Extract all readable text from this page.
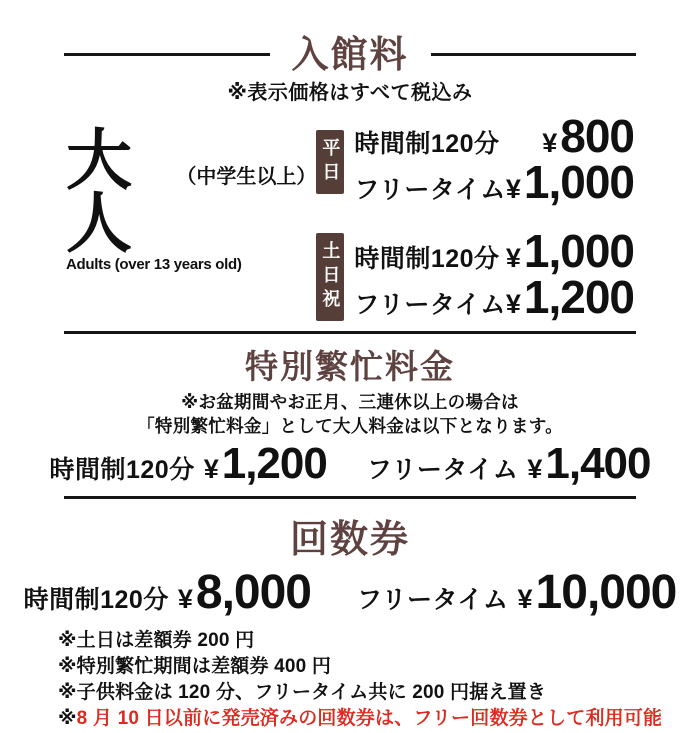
入館料
※表示価格はすべて税込み
大人
（中学生以上）
Adults (over 13 years old)
平日 時間制120分 ¥ 800
フリータイム ¥ 1,000
土日祝 時間制120分 ¥ 1,000
フリータイム ¥ 1,200
特別繁忙料金
※お盆期間やお正月、三連休以上の場合は
「特別繁忙料金」として大人料金は以下となります。
時間制120分 ¥ 1,200 フリータイム ¥ 1,400
回数券
時間制120分 ¥ 8,000 フリータイム ¥ 10,000
※土日は差額券 200 円
※特別繁忙期間は差額券 400 円
※子供料金は 120 分、フリータイム共に 200 円据え置き
※8 月 10 日以前に発売済みの回数券は、フリー回数券として利用可能
